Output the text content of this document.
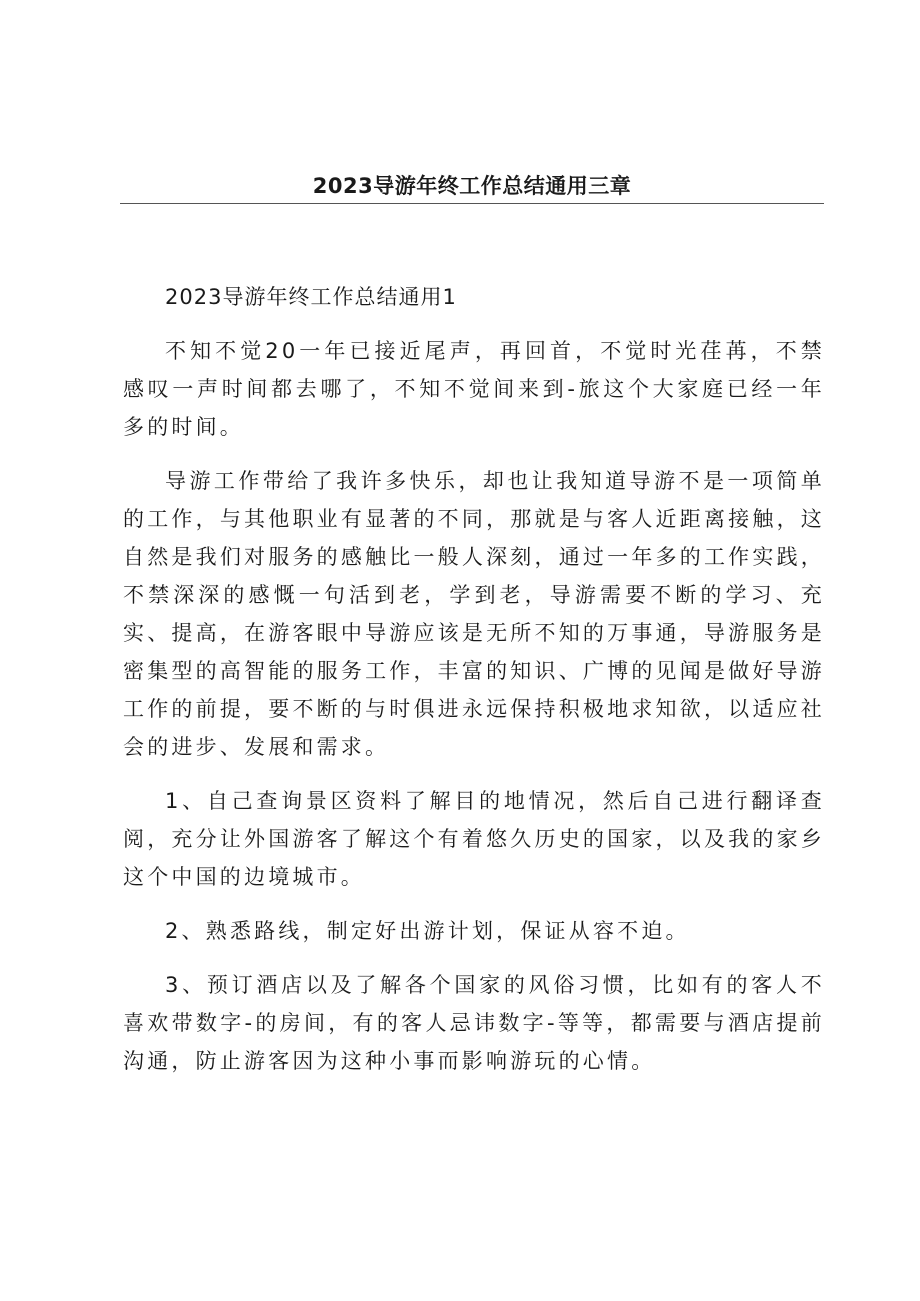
2023导游年终工作总结通用三章

2023导游年终工作总结通用1

不知不觉20一年已接近尾声，再回首，不觉时光荏苒，不禁感叹一声时间都去哪了，不知不觉间来到-旅这个大家庭已经一年多的时间。

导游工作带给了我许多快乐，却也让我知道导游不是一项简单的工作，与其他职业有显著的不同，那就是与客人近距离接触，这自然是我们对服务的感触比一般人深刻，通过一年多的工作实践，不禁深深的感慨一句活到老，学到老，导游需要不断的学习、充实、提高，在游客眼中导游应该是无所不知的万事通，导游服务是密集型的高智能的服务工作，丰富的知识、广博的见闻是做好导游工作的前提，要不断的与时俱进永远保持积极地求知欲，以适应社会的进步、发展和需求。

1、自己查询景区资料了解目的地情况，然后自己进行翻译查阅，充分让外国游客了解这个有着悠久历史的国家，以及我的家乡这个中国的边境城市。

2、熟悉路线，制定好出游计划，保证从容不迫。

3、预订酒店以及了解各个国家的风俗习惯，比如有的客人不喜欢带数字-的房间，有的客人忌讳数字-等等，都需要与酒店提前沟通，防止游客因为这种小事而影响游玩的心情。
